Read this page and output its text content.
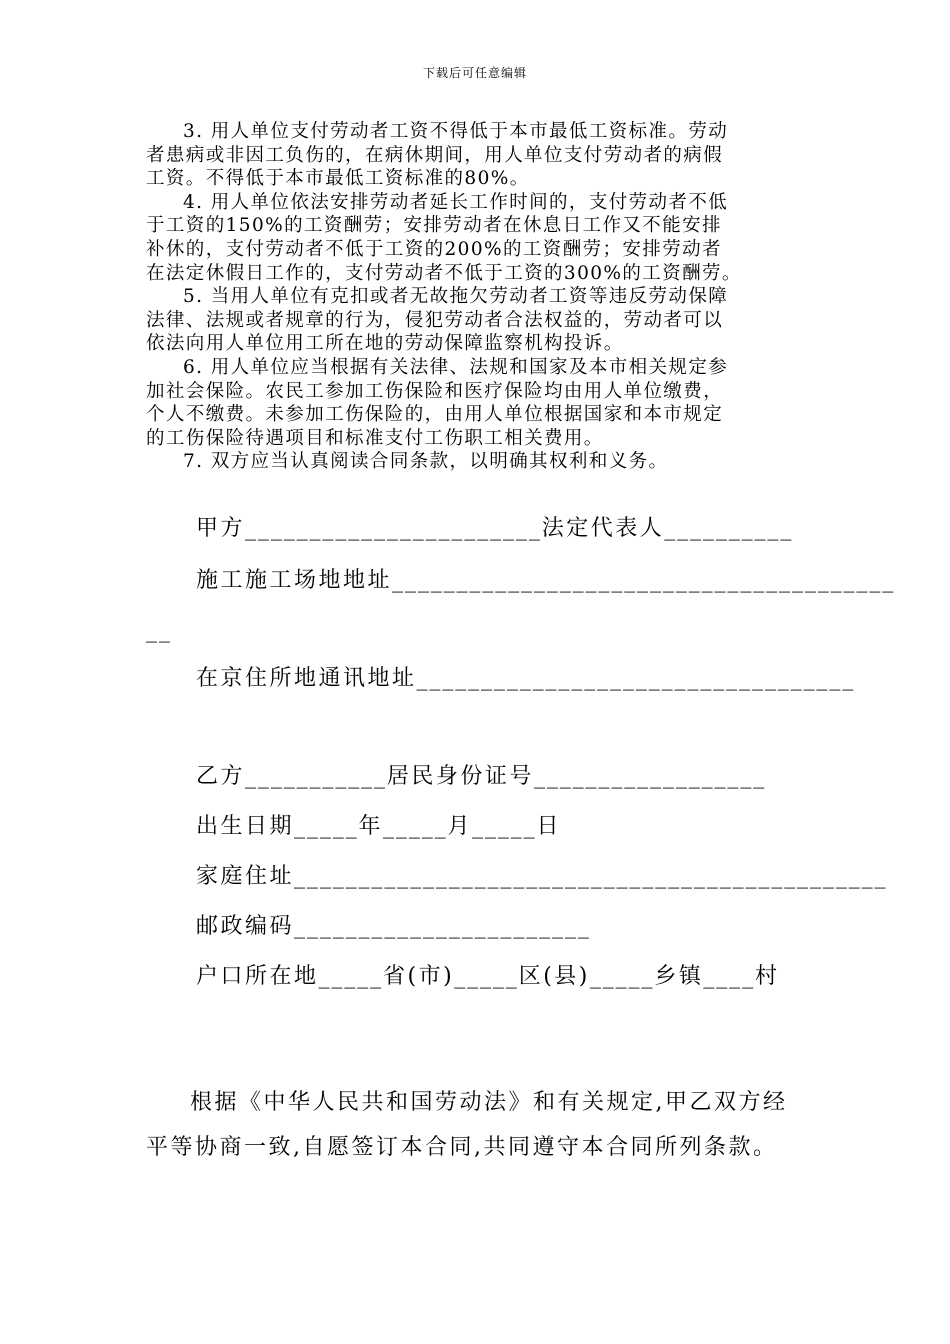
下载后可任意编辑

3. 用人单位支付劳动者工资不得低于本市最低工资标准。劳动

者患病或非因工负伤的，在病休期间，用人单位支付劳动者的病假

工资。不得低于本市最低工资标准的80%。

4. 用人单位依法安排劳动者延长工作时间的，支付劳动者不低

于工资的150%的工资酬劳；安排劳动者在休息日工作又不能安排

补休的，支付劳动者不低于工资的200%的工资酬劳；安排劳动者

在法定休假日工作的，支付劳动者不低于工资的300%的工资酬劳。

5. 当用人单位有克扣或者无故拖欠劳动者工资等违反劳动保障

法律、法规或者规章的行为，侵犯劳动者合法权益的，劳动者可以

依法向用人单位用工所在地的劳动保障监察机构投诉。

6. 用人单位应当根据有关法律、法规和国家及本市相关规定参

加社会保险。农民工参加工伤保险和医疗保险均由用人单位缴费，

个人不缴费。未参加工伤保险的，由用人单位根据国家和本市规定

的工伤保险待遇项目和标准支付工伤职工相关费用。

7. 双方应当认真阅读合同条款，以明确其权利和义务。

甲方_______________________法定代表人__________
施工施工场地地址_______________________________________
__
在京住所地通讯地址__________________________________
乙方___________居民身份证号__________________
出生日期_____年_____月_____日
家庭住址______________________________________________
邮政编码_______________________
户口所在地_____省(市)_____区(县)_____乡镇____村

根据《中华人民共和国劳动法》和有关规定,甲乙双方经平等协商一致,自愿签订本合同,共同遵守本合同所列条款。
